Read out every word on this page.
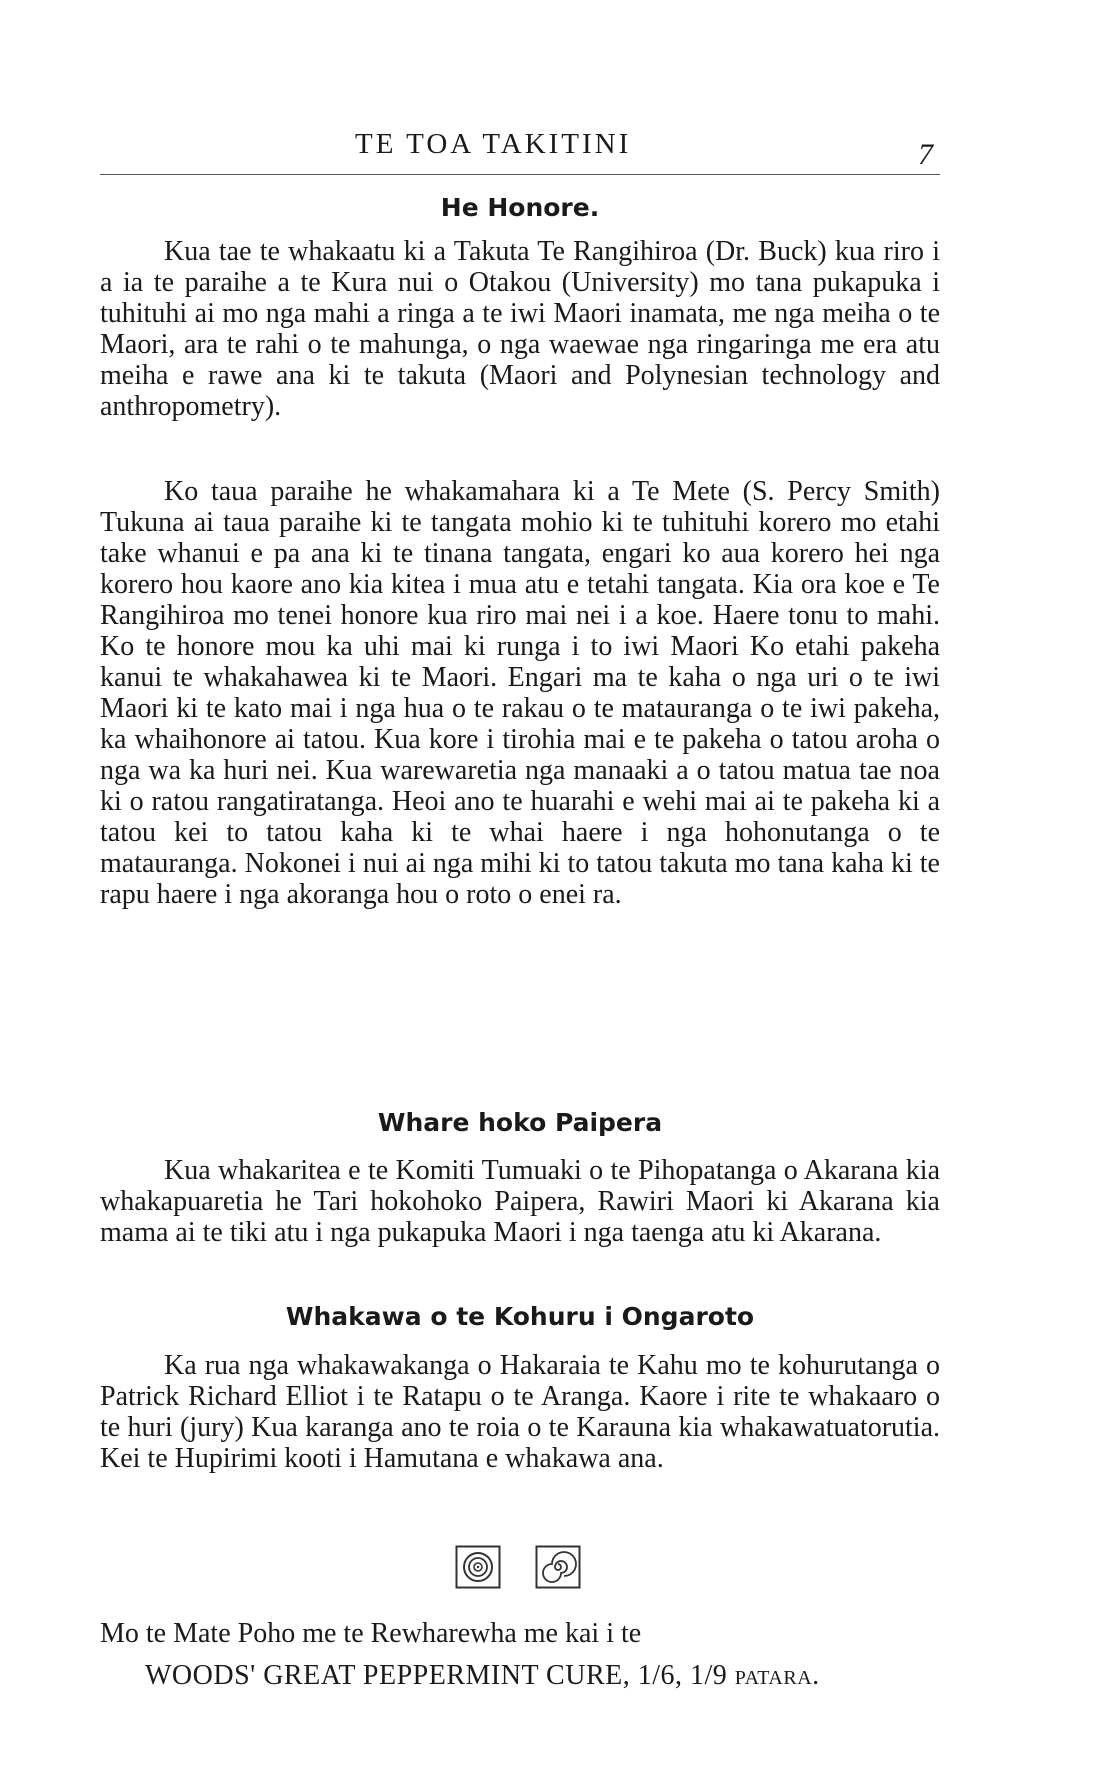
TE TOA TAKITINI	7
He Honore.

Kua tae te whakaatu ki a Takuta Te Rangihiroa (Dr. Buck) kua riro i a ia te paraihe a te Kura nui o Otakou (University) mo tana pukapuka i tuhituhi ai mo nga mahi a ringa a te iwi Maori inamata, me nga meiha o te Maori, ara te rahi o te mahunga, o nga waewae nga ringaringa me era atu meiha e rawe ana ki te takuta (Maori and Polynesian technology and anthropometry).

Ko taua paraihe he whakamahara ki a Te Mete (S. Percy Smith) Tukuna ai taua paraihe ki te tangata mohio ki te tuhituhi korero mo etahi take whanui e pa ana ki te tinana tangata, engari ko aua korero hei nga korero hou kaore ano kia kitea i mua atu e tetahi tangata. Kia ora koe e Te Rangihiroa mo tenei honore kua riro mai nei i a koe. Haere tonu to mahi. Ko te honore mou ka uhi mai ki runga i to iwi Maori Ko etahi pakeha kanui te whakahawea ki te Maori. Engari ma te kaha o nga uri o te iwi Maori ki te kato mai i nga hua o te rakau o te matauranga o te iwi pakeha, ka whaihonore ai tatou. Kua kore i tirohia mai e te pakeha o tatou aroha o nga wa ka huri nei. Kua warewaretia nga manaaki a o tatou matua tae noa ki o ratou rangatiratanga. Heoi ano te huarahi e wehi mai ai te pakeha ki a tatou kei to tatou kaha ki te whai haere i nga hohonutanga o te matauranga. Nokonei i nui ai nga mihi ki to tatou takuta mo tana kaha ki te rapu haere i nga akoranga hou o roto o enei ra.

Whare hoko Paipera

Kua whakaritea e te Komiti Tumuaki o te Pihopatanga o Akarana kia whakapuaretia he Tari hokohoko Paipera, Rawiri Maori ki Akarana kia mama ai te tiki atu i nga pukapuka Maori i nga taenga atu ki Akarana.

Whakawa o te Kohuru i Ongaroto

Ka rua nga whakawakanga o Hakaraia te Kahu mo te kohurutanga o Patrick Richard Elliot i te Ratapu o te Aranga. Kaore i rite te whakaaro o te huri (jury) Kua karanga ano te roia o te Karauna kia whakawatuatorutia. Kei te Hupirimi kooti i Hamutana e whakawa ana.

Mo te Mate Poho me te Rewharewha me kai i te
WOODS' GREAT PEPPERMINT CURE, 1/6, 1/9 patara.
